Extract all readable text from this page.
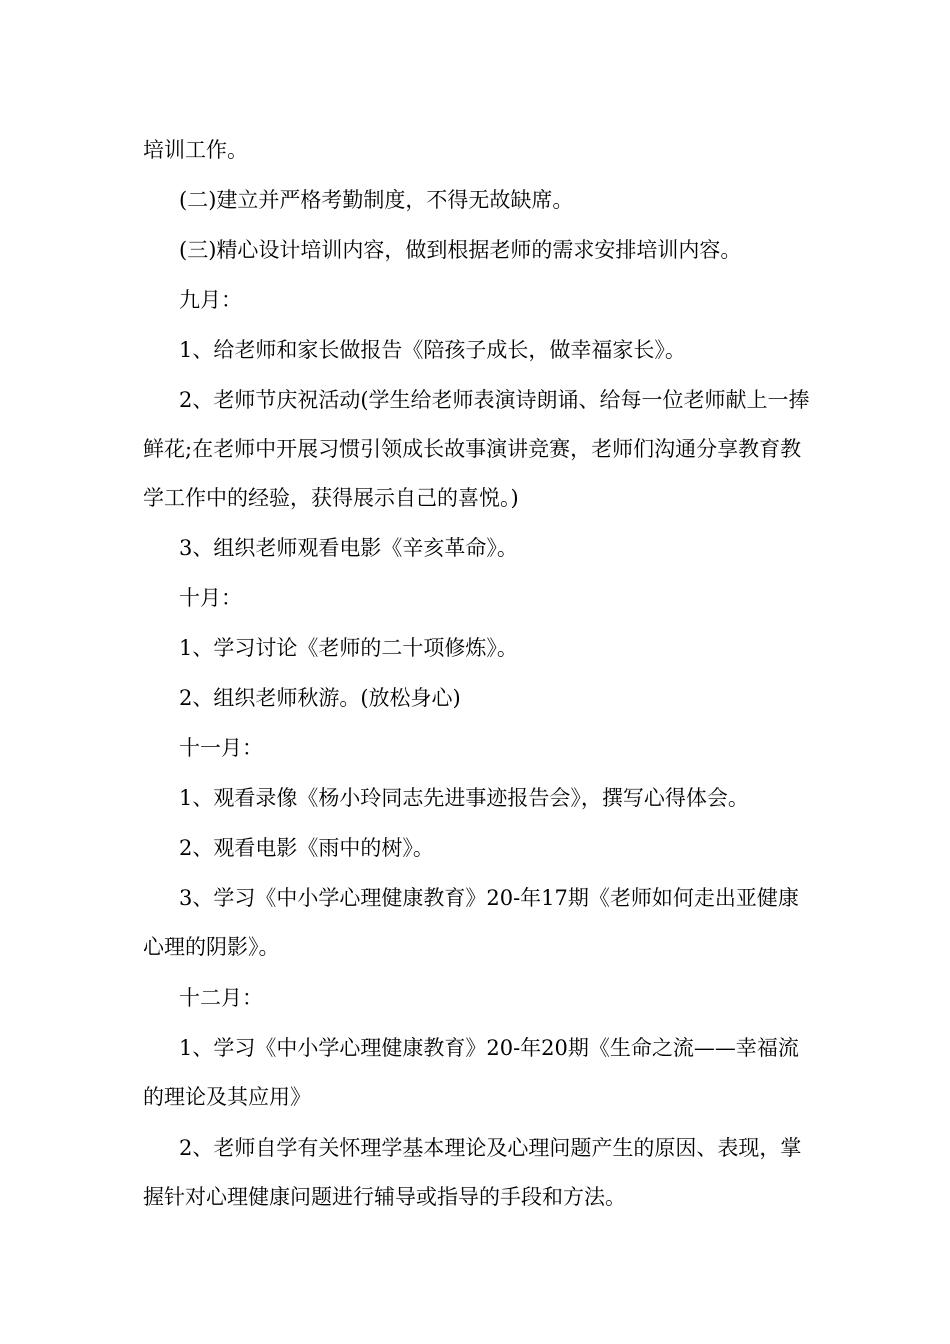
培训工作。
(二)建立并严格考勤制度，不得无故缺席。
(三)精心设计培训内容，做到根据老师的需求安排培训内容。
九月：
1、给老师和家长做报告《陪孩子成长，做幸福家长》。
2、老师节庆祝活动(学生给老师表演诗朗诵、给每一位老师献上一捧鲜花;在老师中开展习惯引领成长故事演讲竞赛，老师们沟通分享教育教学工作中的经验，获得展示自己的喜悦。)
3、组织老师观看电影《辛亥革命》。
十月：
1、学习讨论《老师的二十项修炼》。
2、组织老师秋游。(放松身心)
十一月：
1、观看录像《杨小玲同志先进事迹报告会》，撰写心得体会。
2、观看电影《雨中的树》。
3、学习《中小学心理健康教育》20-年17期《老师如何走出亚健康心理的阴影》。
十二月：
1、学习《中小学心理健康教育》20-年20期《生命之流——幸福流的理论及其应用》
2、老师自学有关怀理学基本理论及心理问题产生的原因、表现，掌握针对心理健康问题进行辅导或指导的手段和方法。
